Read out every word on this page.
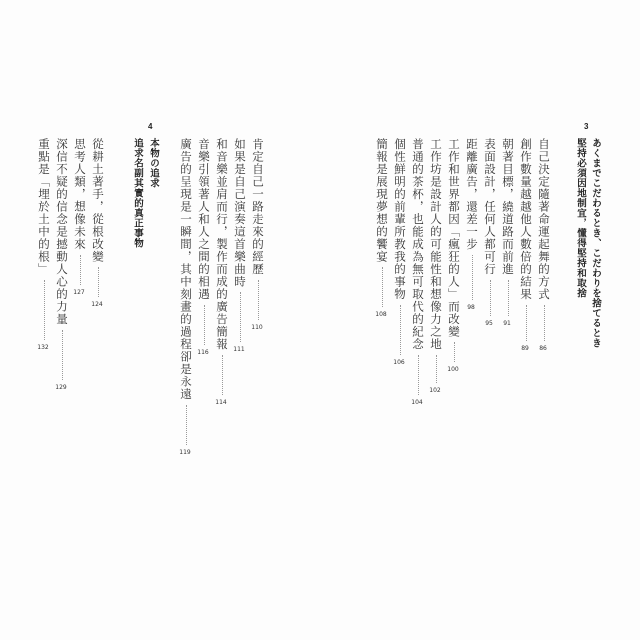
3
あくまでこだわるとき、こだわりを捨てるとき
堅持必須因地制宜，懂得堅持和取捨
自己決定隨著命運起舞的方式
86
創作數量越越他人數倍的結果
89
朝著目標，繞道路而前進
91
表面設計，任何人都可行
95
距離廣告，還差一步
98
工作和世界都因「瘋狂的人」而改變
100
工作坊是設計人的可能性和想像力之地
102
普通的茶杯，也能成為無可取代的紀念
104
個性鮮明的前輩所教我的事物
106
簡報是展現夢想的饗宴
108
4
本物の追求
追求名副其實的真正事物	肯定自己一路走來的經歷
110
如果是自己演奏這首樂曲時
111
和音樂並肩而行，製作而成的廣告簡報
114
音樂引領著人和人之間的相遇
116
廣告的呈現是一瞬間，其中刻畫的過程卻是永遠
119
從耕土著手，從根改變
124
思考人類，想像未來
127
深信不疑的信念是撼動人心的力量
129
重點是「埋於土中的根」
132
